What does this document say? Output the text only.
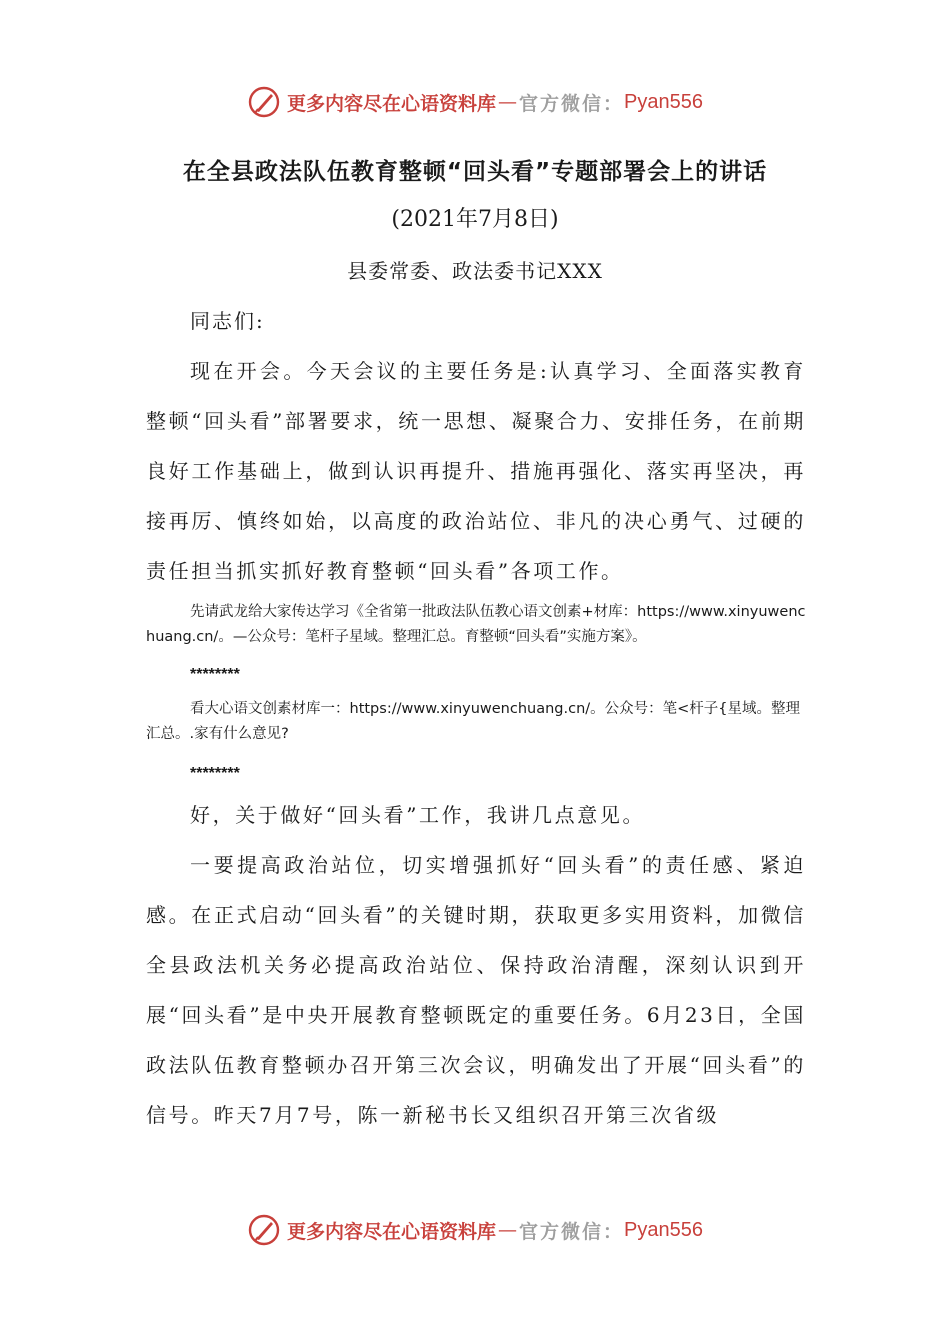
更多内容尽在心语资料库 — 官方微信： Pyan556
在全县政法队伍教育整顿“回头看”专题部署会上的讲话
(2021年7月8日)
县委常委、政法委书记XXX

同志们:

现在开会。今天会议的主要任务是:认真学习、全面落实教育整顿“回头看”部署要求，统一思想、凝聚合力、安排任务，在前期良好工作基础上，做到认识再提升、措施再强化、落实再坚决，再接再厉、慎终如始，以高度的政治站位、非凡的决心勇气、过硬的责任担当抓实抓好教育整顿“回头看”各项工作。

先请武龙给大家传达学习《全省第一批政法队伍教心语文创素+材库：https://www.xinyuwenchuang.cn/。—公众号：笔杆子星域。整理汇总。育整顿“回头看”实施方案》。

********

看大心语文创素材库一：https://www.xinyuwenchuang.cn/。公众号：笔<杆子{星域。整理汇总。.家有什么意见?

********

好，关于做好“回头看”工作，我讲几点意见。

一要提高政治站位，切实增强抓好“回头看”的责任感、紧迫感。在正式启动“回头看”的关键时期，获取更多实用资料，加微信全县政法机关务必提高政治站位、保持政治清醒，深刻认识到开展“回头看”是中央开展教育整顿既定的重要任务。6月23日，全国政法队伍教育整顿办召开第三次会议，明确发出了开展“回头看”的信号。昨天7月7号，陈一新秘书长又组织召开第三次省级

更多内容尽在心语资料库 — 官方微信： Pyan556
